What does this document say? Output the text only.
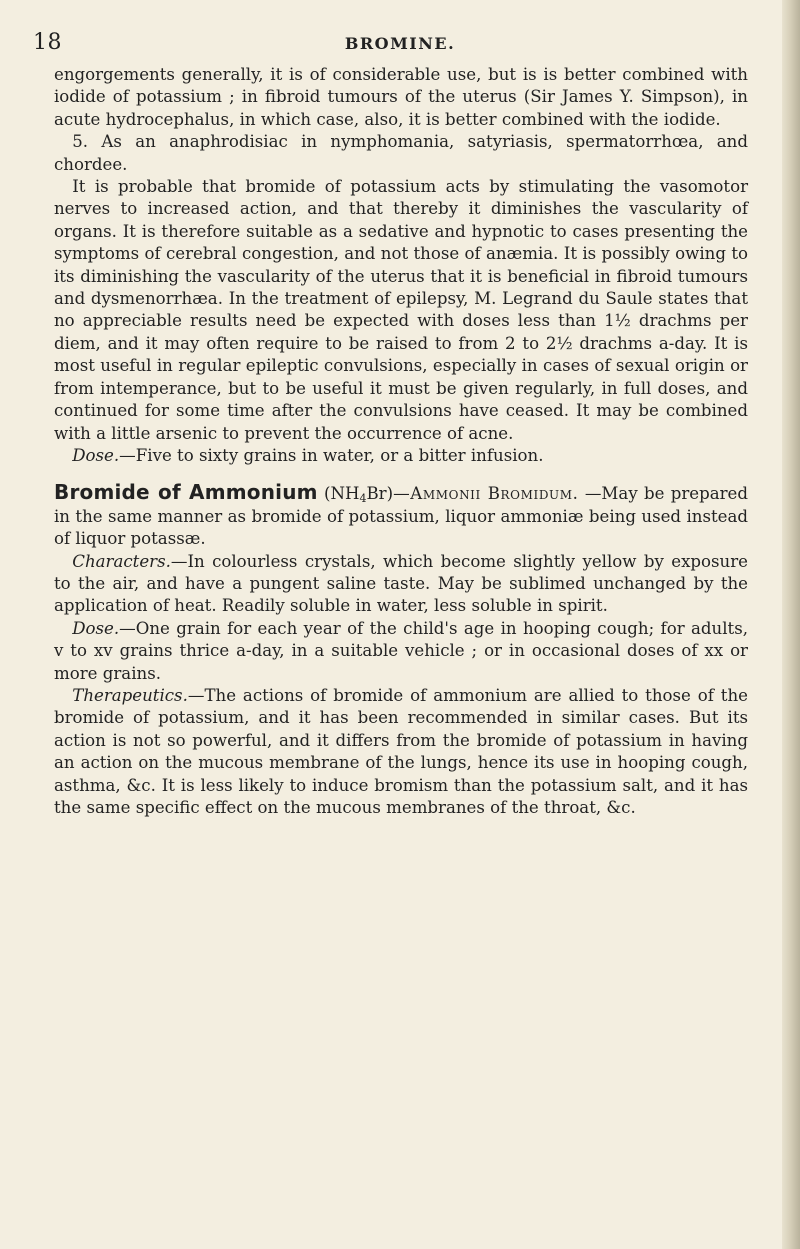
18	BROMINE.

engorgements generally, it is of considerable use, but is is better combined with iodide of potassium ; in fibroid tumours of the uterus (Sir James Y. Simpson), in acute hydrocephalus, in which case, also, it is better combined with the iodide.

5. As an anaphrodisiac in nymphomania, satyriasis, spermatorrhœa, and chordee.

It is probable that bromide of potassium acts by stimulating the vasomotor nerves to increased action, and that thereby it diminishes the vascularity of organs. It is therefore suitable as a sedative and hypnotic to cases presenting the symptoms of cerebral congestion, and not those of anæmia. It is possibly owing to its diminishing the vascularity of the uterus that it is beneficial in fibroid tumours and dysmenorrhæa. In the treatment of epilepsy, M. Legrand du Saule states that no appreciable results need be expected with doses less than 1½ drachms per diem, and it may often require to be raised to from 2 to 2½ drachms a-day. It is most useful in regular epileptic convulsions, especially in cases of sexual origin or from intemperance, but to be useful it must be given regularly, in full doses, and continued for some time after the convulsions have ceased. It may be combined with a little arsenic to prevent the occurrence of acne.

Dose.—Five to sixty grains in water, or a bitter infusion.

Bromide of Ammonium $(NH_4Br)—Ammonii$ Bromidum. —May be prepared in the same manner as bromide of potassium, liquor ammoniæ being used instead of liquor potassæ.

Characters.—In colourless crystals, which become slightly yellow by exposure to the air, and have a pungent saline taste. May be sublimed unchanged by the application of heat. Readily soluble in water, less soluble in spirit.

Dose.—One grain for each year of the child's age in hooping cough; for adults, v to xv grains thrice a-day, in a suitable vehicle ; or in occasional doses of xx or more grains.

Therapeutics.—The actions of bromide of ammonium are allied to those of the bromide of potassium, and it has been recommended in similar cases. But its action is not so powerful, and it differs from the bromide of potassium in having an action on the mucous membrane of the lungs, hence its use in hooping cough, asthma, &c. It is less likely to induce bromism than the potassium salt, and it has the same specific effect on the mucous membranes of the throat, &c.
